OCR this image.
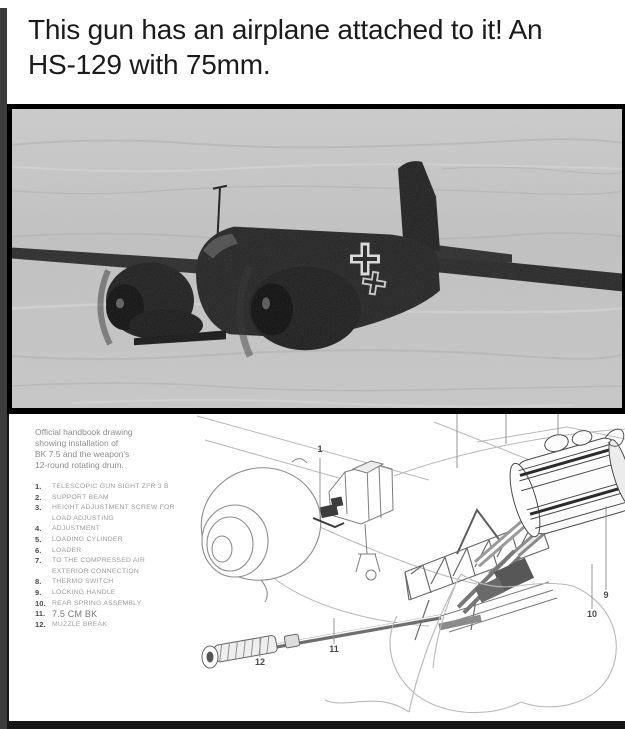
This gun has an airplane attached to it! An
HS-129 with 75mm.
1
9
10
11
12
Official handbook drawing
showing installation of
BK 7.5 and the weapon's
12-round rotating drum.
1.	TELESCOPIC GUN SIGHT ZFR 3 B
2.	SUPPORT BEAM
3.	HEIGHT ADJUSTMENT SCREW FOR
LOAD ADJUSTING
4.	ADJUSTMENT
5.	LOADING CYLINDER
6.	LOADER
7.	TO THE COMPRESSED AIR
EXTERIOR CONNECTION
8.	THERMO SWITCH
9.	LOCKING HANDLE
10. REAR SPRING ASSEMBLY
11. 7.5 CM BK
12. MUZZLE BREAK
